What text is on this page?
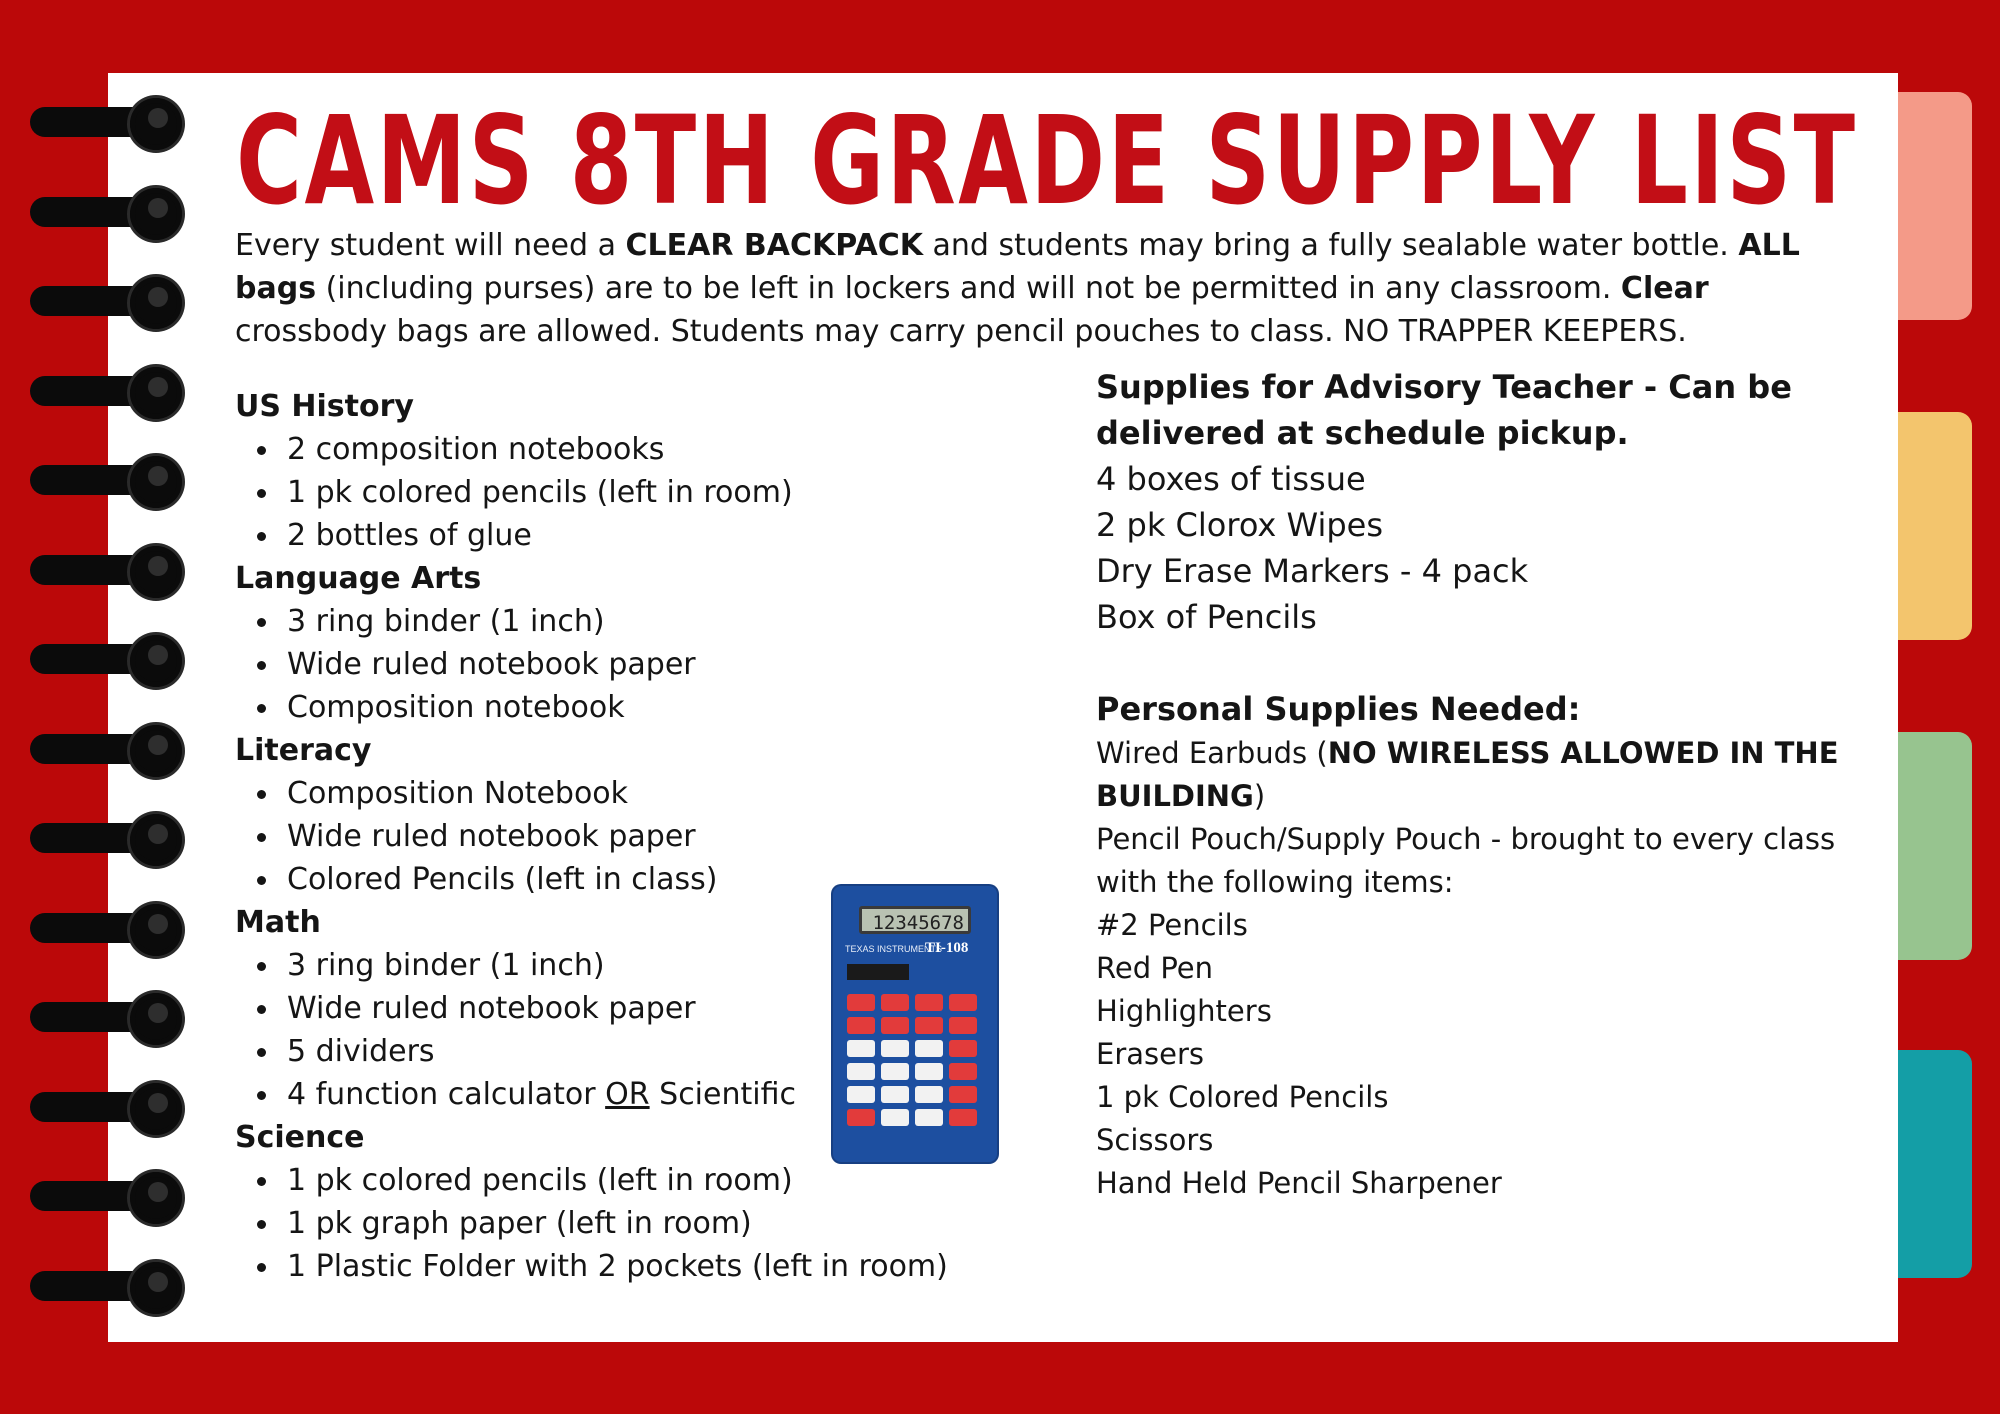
CAMS 8TH GRADE SUPPLY LIST
Every student will need a CLEAR BACKPACK and students may bring a fully sealable water bottle. ALL bags (including purses) are to be left in lockers and will not be permitted in any classroom. Clear crossbody bags are allowed. Students may carry pencil pouches to class. NO TRAPPER KEEPERS.
US History
2 composition notebooks
1 pk colored pencils (left in room)
2 bottles of glue
Language Arts
3 ring binder (1 inch)
Wide ruled notebook paper
Composition notebook
Literacy
Composition Notebook
Wide ruled notebook paper
Colored Pencils (left in class)
Math
3 ring binder (1 inch)
Wide ruled notebook paper
5 dividers
4 function calculator OR Scientific
Science
1 pk colored pencils (left in room)
1 pk graph paper (left in room)
1 Plastic Folder with 2 pockets (left in room)
12345678
TEXAS INSTRUMENTS
TI-108
Supplies for Advisory Teacher - Can be delivered at schedule pickup.
4 boxes of tissue
2 pk Clorox Wipes
Dry Erase Markers - 4 pack
Box of Pencils
Personal Supplies Needed:
Wired Earbuds (NO WIRELESS ALLOWED IN THE BUILDING)
Pencil Pouch/Supply Pouch - brought to every class with the following items:
#2 Pencils
Red Pen
Highlighters
Erasers
1 pk Colored Pencils
Scissors
Hand Held Pencil Sharpener
